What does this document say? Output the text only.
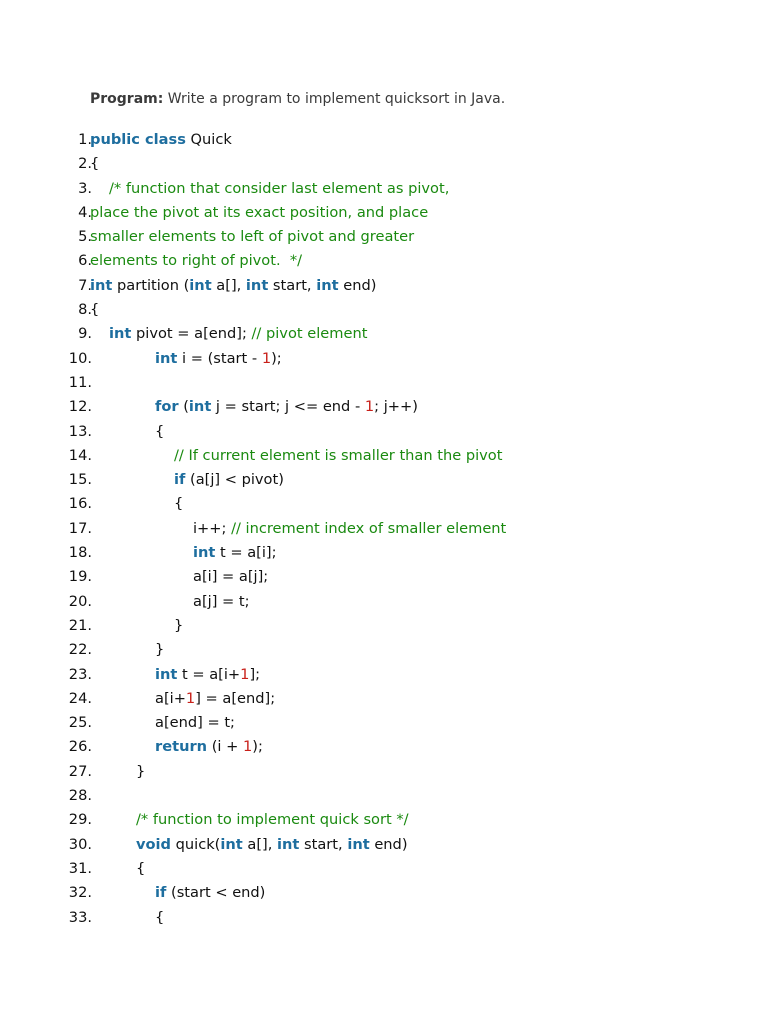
Program: Write a program to implement quicksort in Java.
1.
public class Quick
2.
{
3. /* function that consider last element as pivot,
4.
place the pivot at its exact position, and place
5.
smaller elements to left of pivot and greater
6.
elements to right of pivot.  */
7.
int partition (int a[], int start, int end)
8.
{
9. int pivot = a[end]; // pivot element
10.	int i = (start - 1);
11.
12.	for (int j = start; j <= end - 1; j++)
13.	{
14.	// If current element is smaller than the pivot
15.	if (a[j] < pivot)
16.	{
17.	i++; // increment index of smaller element
18.	int t = a[i];
19.	a[i] = a[j];
20.	a[j] = t;
21.	}
22.	}
23.	int t = a[i+1];
24.	a[i+1] = a[end];
25.	a[end] = t;
26.	return (i + 1);
27.	}
28.
29.	/* function to implement quick sort */
30.	void quick(int a[], int start, int end)
31.	{
32.	if (start < end)
33.	{
